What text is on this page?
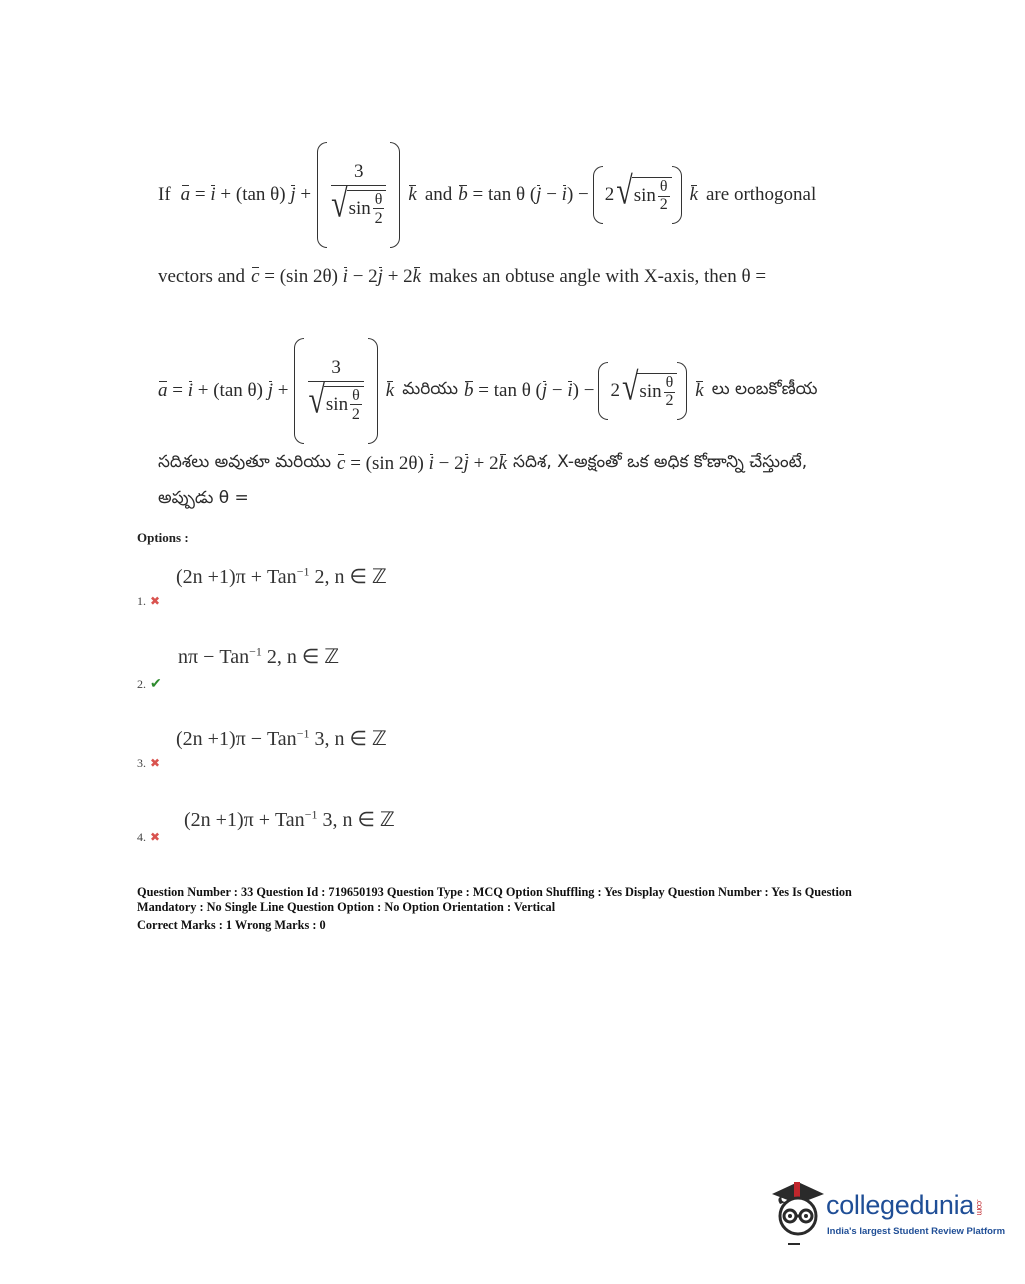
If a = i + (tan θ) $j + \frac{3}{√ \sin \frac{\theta}{2}}$ k and b = tan θ (j − i) − 2 √ $\sin \frac{\theta}{2}$ k are orthogonal
vectors and c = (sin 2θ) i − 2j + 2k makes an obtuse angle with X-axis, then θ =
a = i + (tan θ) $j + \frac{3}{√ \sin \frac{\theta}{2}}$ k మరియు b = tan θ (j − i) − 2 √ $\sin \frac{\theta}{2}$ k లు లంబకోణీయ
సదిశలు అవుతూ మరియు c = (sin 2θ) i − 2j + 2k సదిశ, X-అక్షంతో ఒక అధిక కోణాన్ని చేస్తుంటే,
అప్పుడు θ =
Options :
(2n +1)π + Tan$^{-1}$ 2, n ∈ ℤ
1. ✖
nπ − Tan$^{-1}$ 2, n ∈ ℤ
2. ✔
(2n +1)π − Tan$^{-1}$ 3, n ∈ ℤ
3. ✖
(2n +1)π + Tan$^{-1}$ 3, n ∈ ℤ
4. ✖
Question Number : 33 Question Id : 719650193 Question Type : MCQ Option Shuffling : Yes Display Question Number : Yes Is Question
Mandatory : No Single Line Question Option : No Option Orientation : Vertical
Correct Marks : 1 Wrong Marks : 0
collegedunia.com
India's largest Student Review Platform
